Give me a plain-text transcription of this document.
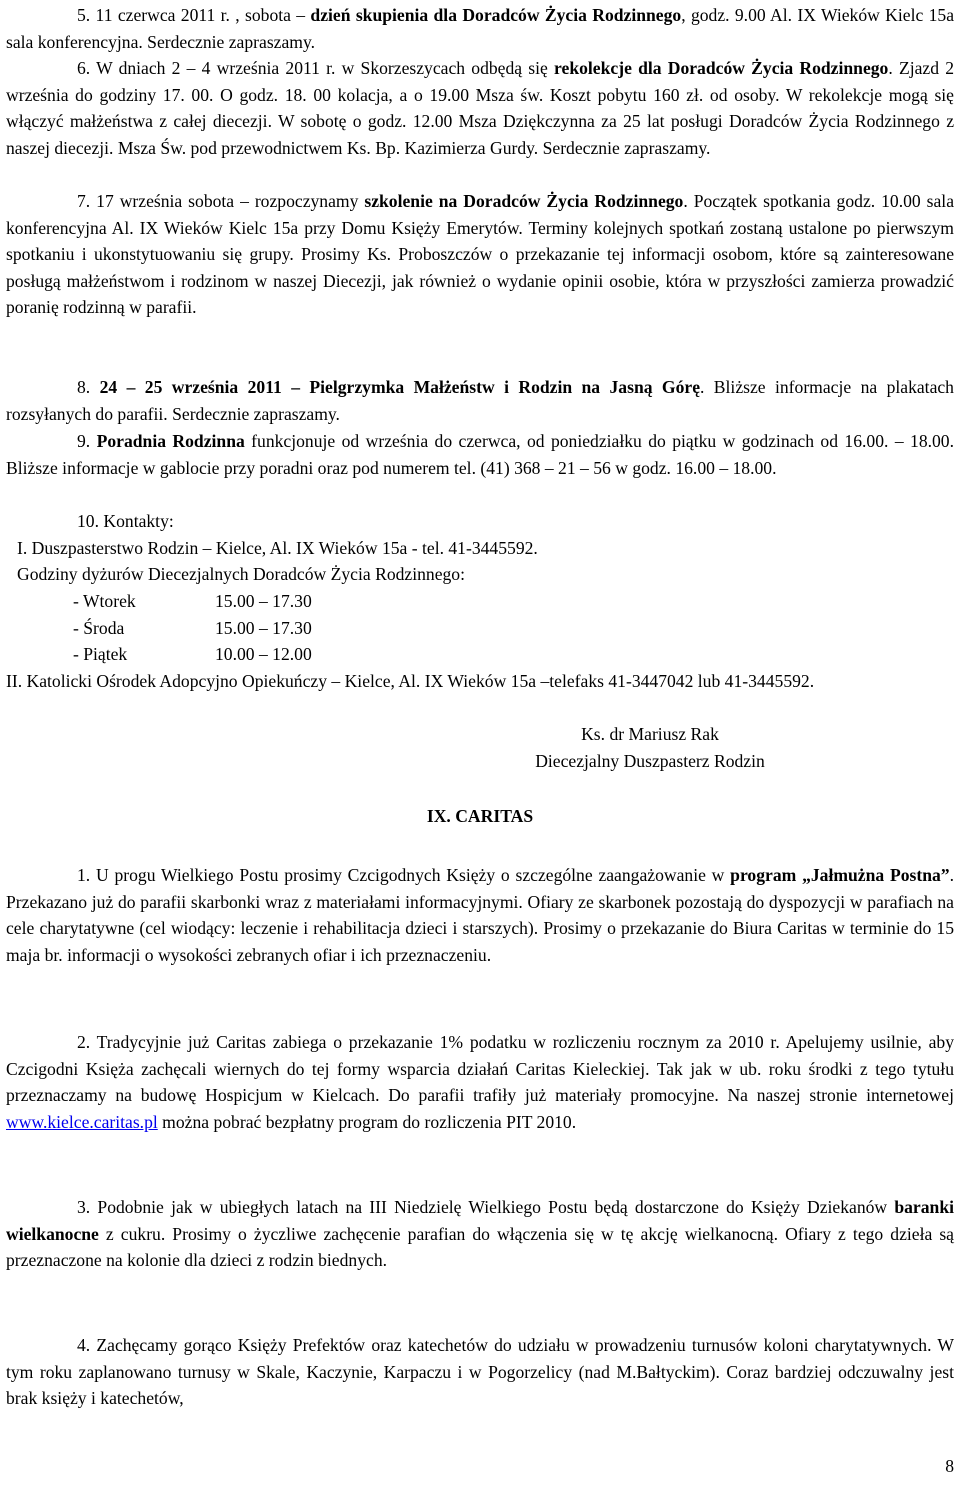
5. 11 czerwca 2011 r. , sobota – dzień skupienia dla Doradców Życia Rodzinnego, godz. 9.00 Al. IX Wieków Kielc 15a sala konferencyjna. Serdecznie zapraszamy.

6. W dniach 2 – 4 września 2011 r. w Skorzeszycach odbędą się rekolekcje dla Doradców Życia Rodzinnego. Zjazd 2 września do godziny 17. 00. O godz. 18. 00 kolacja, a o 19.00 Msza św. Koszt pobytu 160 zł. od osoby. W rekolekcje mogą się włączyć małżeństwa z całej diecezji. W sobotę o godz. 12.00 Msza Dziękczynna za 25 lat posługi Doradców Życia Rodzinnego z naszej diecezji. Msza Św. pod przewodnictwem Ks. Bp. Kazimierza Gurdy. Serdecznie zapraszamy.

7. 17 września sobota – rozpoczynamy szkolenie na Doradców Życia Rodzinnego. Początek spotkania godz. 10.00 sala konferencyjna Al. IX Wieków Kielc 15a przy Domu Księży Emerytów. Terminy kolejnych spotkań zostaną ustalone po pierwszym spotkaniu i ukonstytuowaniu się grupy. Prosimy Ks. Proboszczów o przekazanie tej informacji osobom, które są zainteresowane posługą małżeństwom i rodzinom w naszej Diecezji, jak również o wydanie opinii osobie, która w przyszłości zamierza prowadzić poranię rodzinną w parafii.

8. 24 – 25 września 2011 – Pielgrzymka Małżeństw i Rodzin na Jasną Górę. Bliższe informacje na plakatach rozsyłanych do parafii. Serdecznie zapraszamy.

9. Poradnia Rodzinna funkcjonuje od września do czerwca, od poniedziałku do piątku w godzinach od 16.00. – 18.00. Bliższe informacje w gablocie przy poradni oraz pod numerem tel. (41) 368 – 21 – 56 w godz. 16.00 – 18.00.

10. Kontakty:

I. Duszpasterstwo Rodzin – Kielce, Al. IX Wieków 15a - tel. 41-3445592.

Godziny dyżurów Diecezjalnych Doradców Życia Rodzinnego:

- Wtorek	15.00 – 17.30
- Środa	15.00 – 17.30
- Piątek	10.00 – 12.00

II. Katolicki Ośrodek Adopcyjno Opiekuńczy – Kielce, Al. IX Wieków 15a –telefaks 41-3447042 lub 41-3445592.

Ks. dr Mariusz Rak
Diecezjalny Duszpasterz Rodzin
IX. CARITAS

1. U progu Wielkiego Postu prosimy Czcigodnych Księży o szczególne zaangażowanie w program „Jałmużna Postna”. Przekazano już do parafii skarbonki wraz z materiałami informacyjnymi. Ofiary ze skarbonek pozostają do dyspozycji w parafiach na cele charytatywne (cel wiodący: leczenie i rehabilitacja dzieci i starszych). Prosimy o przekazanie do Biura Caritas w terminie do 15 maja br. informacji o wysokości zebranych ofiar i ich przeznaczeniu.

2. Tradycyjnie już Caritas zabiega o przekazanie 1% podatku w rozliczeniu rocznym za 2010 r. Apelujemy usilnie, aby Czcigodni Księża zachęcali wiernych do tej formy wsparcia działań Caritas Kieleckiej. Tak jak w ub. roku środki z tego tytułu przeznaczamy na budowę Hospicjum w Kielcach. Do parafii trafiły już materiały promocyjne. Na naszej stronie internetowej www.kielce.caritas.pl można pobrać bezpłatny program do rozliczenia PIT 2010.

3. Podobnie jak w ubiegłych latach na III Niedzielę Wielkiego Postu będą dostarczone do Księży Dziekanów baranki wielkanocne z cukru. Prosimy o życzliwe zachęcenie parafian do włączenia się w tę akcję wielkanocną. Ofiary z tego dzieła są przeznaczone na kolonie dla dzieci z rodzin biednych.

4. Zachęcamy gorąco Księży Prefektów oraz katechetów do udziału w prowadzeniu turnusów koloni charytatywnych. W tym roku zaplanowano turnusy w Skale, Kaczynie, Karpaczu i w Pogorzelicy (nad M.Bałtyckim). Coraz bardziej odczuwalny jest brak księży i katechetów,

8
